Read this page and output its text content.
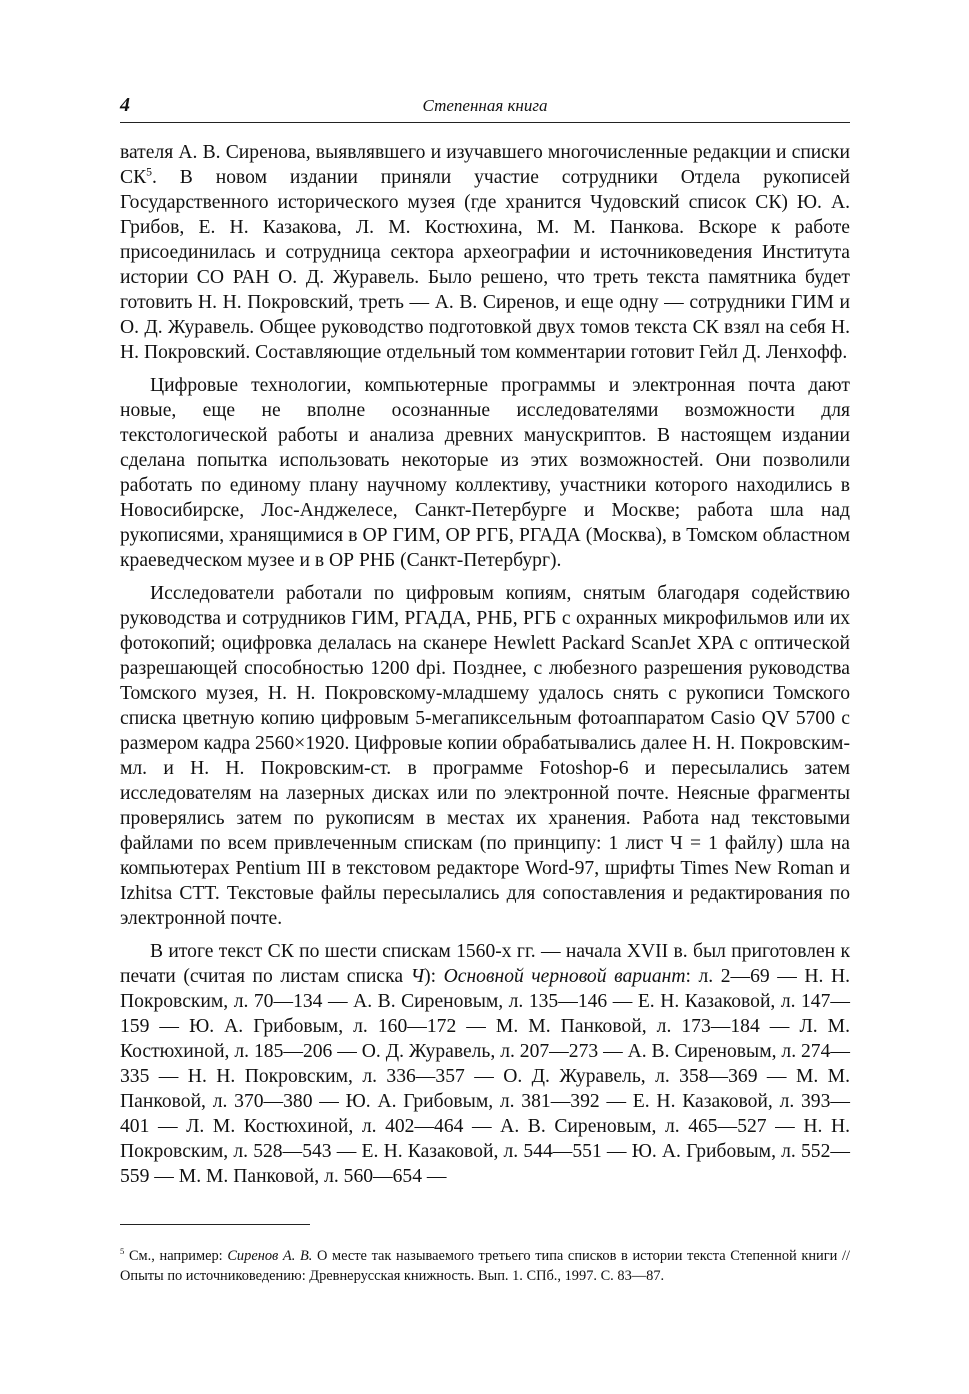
4	Степенная книга

вателя А. В. Сиренова, выявлявшего и изучавшего многочисленные редакции и списки $СК^5$. В новом издании приняли участие сотрудники Отдела рукописей Государственного исторического музея (где хранится Чудовский список СК) Ю. А. Грибов, Е. Н. Казакова, Л. М. Костюхина, М. М. Панкова. Вскоре к работе присоединилась и сотрудница сектора археографии и источниковедения Института истории СО РАН О. Д. Журавель. Было решено, что треть текста памятника будет готовить Н. Н. Покровский, треть — А. В. Сиренов, и еще одну — сотрудники ГИМ и О. Д. Журавель. Общее руководство подготовкой двух томов текста СК взял на себя Н. Н. Покровский. Составляющие отдельный том комментарии готовит Гейл Д. Ленхофф.

Цифровые технологии, компьютерные программы и электронная почта дают новые, еще не вполне осознанные исследователями возможности для текстологической работы и анализа древних манускриптов. В настоящем издании сделана попытка использовать некоторые из этих возможностей. Они позволили работать по единому плану научному коллективу, участники которого находились в Новосибирске, Лос-Анджелесе, Санкт-Петербурге и Москве; работа шла над рукописями, хранящимися в ОР ГИМ, ОР РГБ, РГАДА (Москва), в Томском областном краеведческом музее и в ОР РНБ (Санкт-Петербург).

Исследователи работали по цифровым копиям, снятым благодаря содействию руководства и сотрудников ГИМ, РГАДА, РНБ, РГБ с охранных микрофильмов или их фотокопий; оцифровка делалась на сканере Hewlett Packard ScanJet XPA с оптической разрешающей способностью 1200 dpi. Позднее, с любезного разрешения руководства Томского музея, Н. Н. Покровскому-младшему удалось снять с рукописи Томского списка цветную копию цифровым 5-мегапиксельным фотоаппаратом Casio QV 5700 с размером кадра 2560×1920. Цифровые копии обрабатывались далее Н. Н. Покровским-мл. и Н. Н. Покровским-ст. в программе Fotoshop-6 и пересылались затем исследователям на лазерных дисках или по электронной почте. Неясные фрагменты проверялись затем по рукописям в местах их хранения. Работа над текстовыми файлами по всем привлеченным спискам (по принципу: 1 лист Ч = 1 файлу) шла на компьютерах Pentium III в текстовом редакторе Word-97, шрифты Times New Roman и Izhitsa CTT. Текстовые файлы пересылались для сопоставления и редактирования по электронной почте.

В итоге текст СК по шести спискам 1560-х гг. — начала XVII в. был приготовлен к печати (считая по листам списка Ч): Основной черновой вариант: л. 2—69 — Н. Н. Покровским, л. 70—134 — А. В. Сиреновым, л. 135—146 — Е. Н. Казаковой, л. 147—159 — Ю. А. Грибовым, л. 160—172 — М. М. Панковой, л. 173—184 — Л. М. Костюхиной, л. 185—206 — О. Д. Журавель, л. 207—273 — А. В. Сиреновым, л. 274—335 — Н. Н. Покровским, л. 336—357 — О. Д. Журавель, л. 358—369 — М. М. Панковой, л. 370—380 — Ю. А. Грибовым, л. 381—392 — Е. Н. Казаковой, л. 393—401 — Л. М. Костюхиной, л. 402—464 — А. В. Сиреновым, л. 465—527 — Н. Н. Покровским, л. 528—543 — Е. Н. Казаковой, л. 544—551 — Ю. А. Грибовым, л. 552—559 — М. М. Панковой, л. 560—654 —

$^5$ См., например: Сиренов А. В. О месте так называемого третьего типа списков в истории текста Степенной книги // Опыты по источниковедению: Древнерусская книжность. Вып. 1. СПб., 1997. С. 83—87.
